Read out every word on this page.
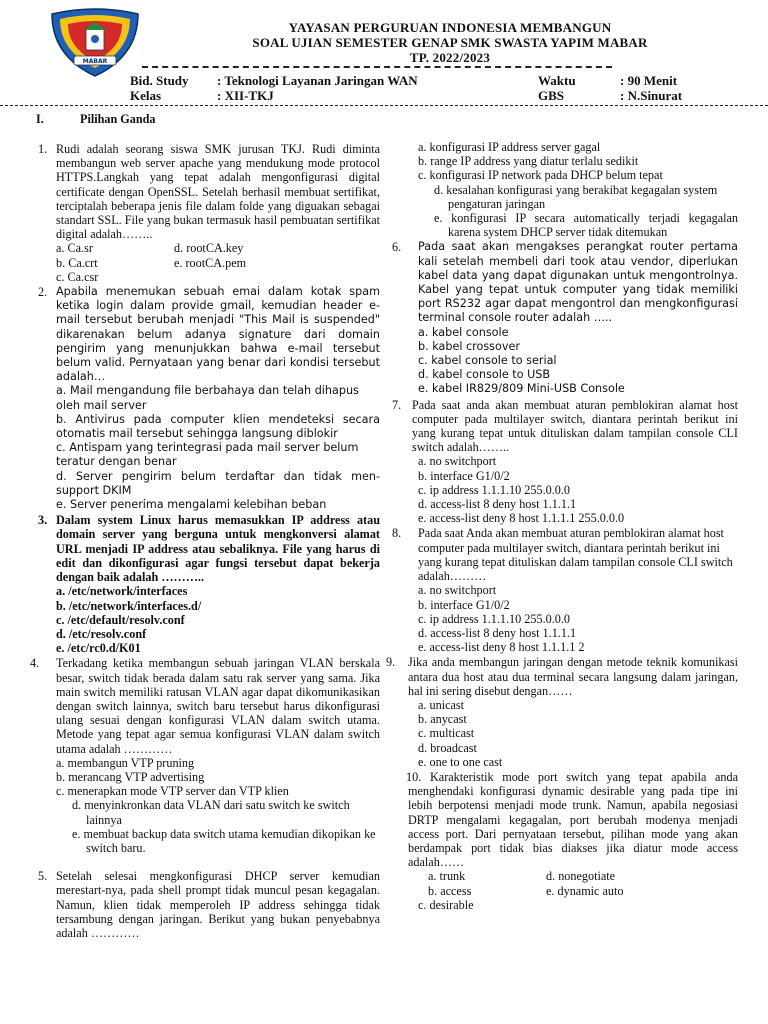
MABAR
YAYASAN PERGURUAN INDONESIA MEMBANGUN
SOAL UJIAN SEMESTER GENAP SMK SWASTA YAPIM MABAR
TP. 2022/2023
Bid. Study : Teknologi Layanan Jaringan WAN	Waktu	: 90 Menit
Kelas	: XII-TKJ	GBS	: N.Sinurat
I.	Pilihan Ganda
1. Rudi adalah seorang siswa SMK jurusan TKJ. Rudi diminta membangun web server apache yang mendukung mode protocol HTTPS.Langkah yang tepat adalah mengonfigurasi digital certificate dengan OpenSSL. Setelah berhasil membuat sertifikat, terciptalah beberapa jenis file dalam folde yang diguakan sebagai standart SSL. File yang bukan termasuk hasil pembuatan sertifikat digital adalah……..
a. Ca.sr	d. rootCA.key
b. Ca.crt	e. rootCA.pem
c. Ca.csr
2. Apabila menemukan sebuah emai dalam kotak spam ketika login dalam provide gmail, kemudian header e-mail tersebut berubah menjadi "This Mail is suspended" dikarenakan belum adanya signature dari domain pengirim yang menunjukkan bahwa e-mail tersebut belum valid. Pernyataan yang benar dari kondisi tersebut adalah…
a. Mail mengandung file berbahaya dan telah dihapus oleh mail server
b. Antivirus pada computer klien mendeteksi secara otomatis mail tersebut sehingga langsung diblokir
c. Antispam yang terintegrasi pada mail server belum teratur dengan benar
d. Server pengirim belum terdaftar dan tidak men-support DKIM
e. Server penerima mengalami kelebihan beban
3. Dalam system Linux harus memasukkan IP address atau domain server yang berguna untuk mengkonversi alamat URL menjadi IP address atau sebaliknya. File yang harus di edit dan dikonfigurasi agar fungsi tersebut dapat bekerja dengan baik adalah ………..
a. /etc/network/interfaces
b. /etc/network/interfaces.d/
c. /etc/default/resolv.conf
d. /etc/resolv.conf
e. /etc/rc0.d/K01
4. Terkadang ketika membangun sebuah jaringan VLAN berskala besar, switch tidak berada dalam satu rak server yang sama. Jika main switch memiliki ratusan VLAN agar dapat dikomunikasikan dengan switch lainnya, switch baru tersebut harus dikonfigurasi ulang sesuai dengan konfigurasi VLAN dalam switch utama. Metode yang tepat agar semua konfigurasi VLAN dalam switch utama adalah …………
a. membangun VTP pruning
b. merancang VTP advertising
c. menerapkan mode VTP server dan VTP klien
d. menyinkronkan data VLAN dari satu switch ke switch lainnya
e. membuat backup data switch utama kemudian dikopikan ke switch baru.
5. Setelah selesai mengkonfigurasi DHCP server kemudian merestart-nya, pada shell prompt tidak muncul pesan kegagalan. Namun, klien tidak memperoleh IP address sehingga tidak tersambung dengan jaringan. Berikut yang bukan penyebabnya adalah …………
a. konfigurasi IP address server gagal
b. range IP address yang diatur terlalu sedikit
c. konfigurasi IP network pada DHCP belum tepat
d. kesalahan konfigurasi yang berakibat kegagalan system pengaturan jaringan
e. konfigurasi IP secara automatically terjadi kegagalan karena system DHCP server tidak ditemukan
6. Pada saat akan mengakses perangkat router pertama kali setelah membeli dari took atau vendor, diperlukan kabel data yang dapat digunakan untuk mengontrolnya. Kabel yang tepat untuk computer yang tidak memiliki port RS232 agar dapat mengontrol dan mengkonfigurasi terminal console router adalah …..
a. kabel console
b. kabel crossover
c. kabel console to serial
d. kabel console to USB
e. kabel IR829/809 Mini-USB Console
7. Pada saat anda akan membuat aturan pemblokiran alamat host computer pada multilayer switch, diantara perintah berikut ini yang kurang tepat untuk dituliskan dalam tampilan console CLI switch adalah……..
a. no switchport
b. interface G1/0/2
c. ip address 1.1.1.10 255.0.0.0
d. access-list 8 deny host 1.1.1.1
e. access-list deny 8 host 1.1.1.1 255.0.0.0
8. Pada saat Anda akan membuat aturan pemblokiran alamat host computer pada multilayer switch, diantara perintah berikut ini yang kurang tepat dituliskan dalam tampilan console CLI switch adalah………
a. no switchport
b. interface G1/0/2
c. ip address 1.1.1.10 255.0.0.0
d. access-list 8 deny host 1.1.1.1
e. access-list deny 8 host 1.1.1.1 2
9. Jika anda membangun jaringan dengan metode teknik komunikasi antara dua host atau dua terminal secara langsung dalam jaringan, hal ini sering disebut dengan……
a. unicast
b. anycast
c. multicast
d. broadcast
e. one to one cast
10. Karakteristik mode port switch yang tepat apabila anda menghendaki konfigurasi dynamic desirable yang pada tipe ini lebih berpotensi menjadi mode trunk. Namun, apabila negosiasi DRTP mengalami kegagalan, port berubah modenya menjadi access port. Dari pernyataan tersebut, pilihan mode yang akan berdampak port tidak bias diakses jika diatur mode access adalah……
a. trunk	d. nonegotiate
b. access	e. dynamic auto
c. desirable
